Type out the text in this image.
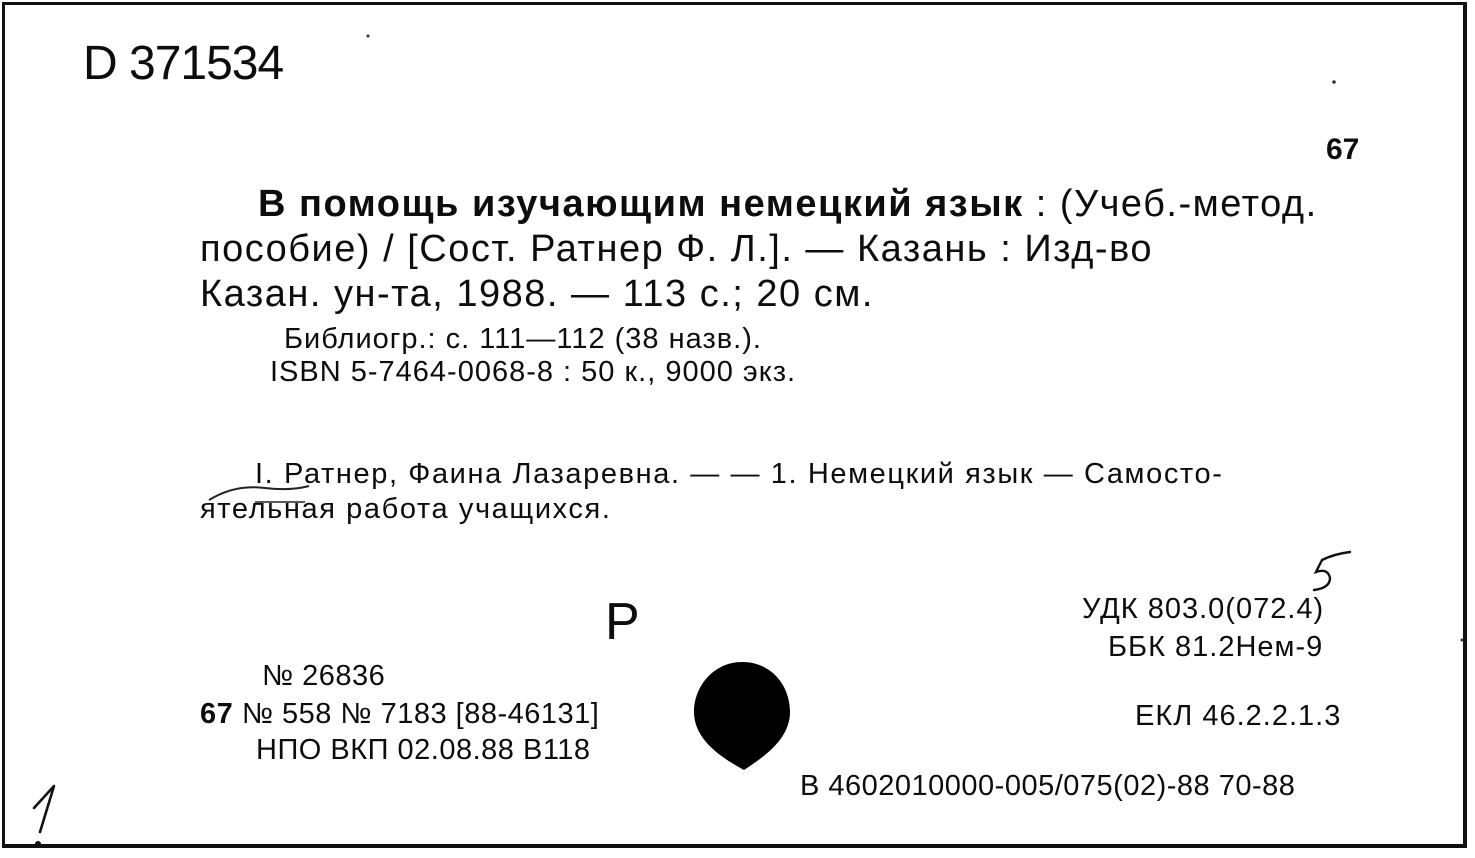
D 371534
67
В помощь изучающим немецкий язык : (Учеб.-метод.
пособие) / [Сост. Ратнер Ф. Л.]. — Казань : Изд-во
Казан. ун-та, 1988. — 113 с.; 20 см.
Библиогр.: с. 111—112 (38 назв.).
ISBN 5-7464-0068-8 : 50 к., 9000 экз.
I. Ратнер, Фаина Лазаревна. — — 1. Немецкий язык — Самосто-
ятельная работа учащихся.
Р	УДК 803.0(072.4)
ББК 81.2Нем-9
ЕКЛ 46.2.2.1.3
В 4602010000-005/075(02)-88 70-88
№ 26836
67 № 558 № 7183 [88-46131]
НПО ВКП 02.08.88 В118
